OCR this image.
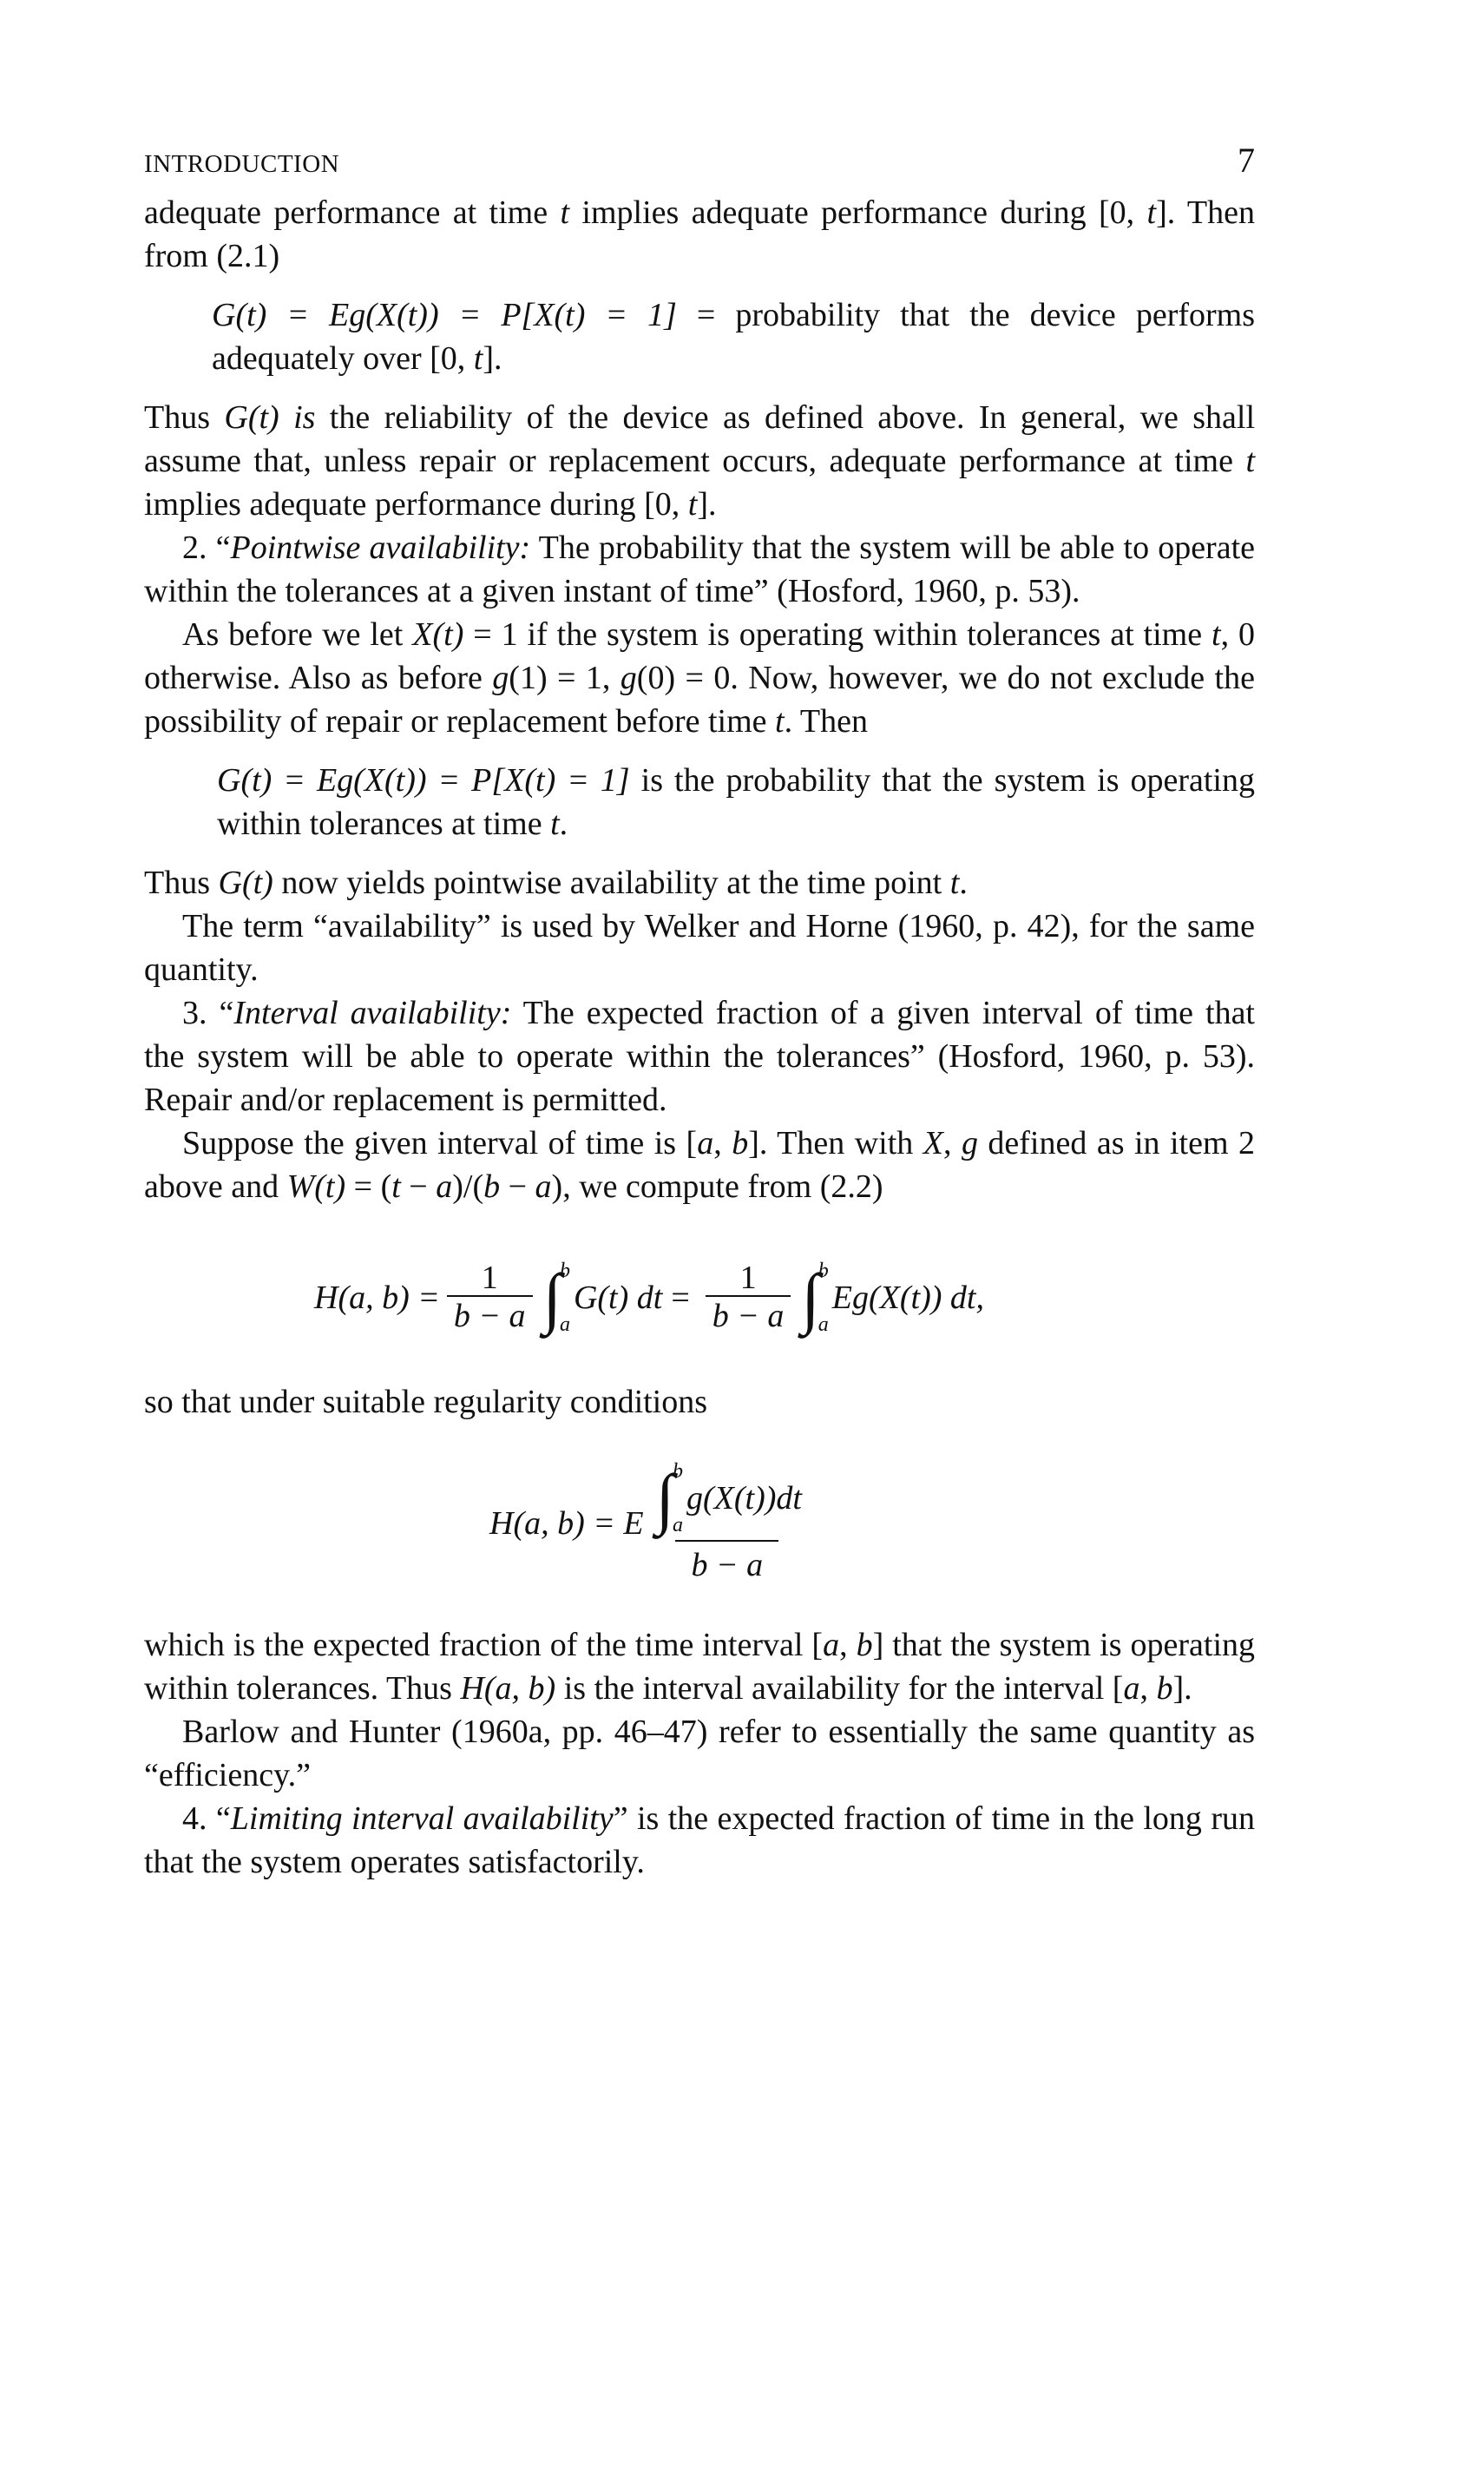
INTRODUCTION	7

adequate performance at time t implies adequate performance during [0, t]. Then from (2.1)

G(t) = Eg(X(t)) = P[X(t) = 1] = probability that the device performs adequately over [0, t].

Thus G(t) is the reliability of the device as defined above. In general, we shall assume that, unless repair or replacement occurs, adequate performance at time t implies adequate performance during [0, t].

2. “Pointwise availability: The probability that the system will be able to operate within the tolerances at a given instant of time” (Hosford, 1960, p. 53).

As before we let X(t) = 1 if the system is operating within tolerances at time t, 0 otherwise. Also as before g(1) = 1, g(0) = 0. Now, however, we do not exclude the possibility of repair or replacement before time t. Then

G(t) = Eg(X(t)) = P[X(t) = 1] is the probability that the system is operating within tolerances at time t.

Thus G(t) now yields pointwise availability at the time point t.

The term “availability” is used by Welker and Horne (1960, p. 42), for the same quantity.

3. “Interval availability: The expected fraction of a given interval of time that the system will be able to operate within the tolerances” (Hosford, 1960, p. 53). Repair and/or replacement is permitted.

Suppose the given interval of time is [a, b]. Then with X, g defined as in item 2 above and W(t) = (t − a)/(b − a), we compute from (2.2)

H(a, $b) = \frac{1}{b - a}$ ∫
b
a
G(t) dt = $\frac{1}{b - a}$ ∫
b
a
Eg(X(t)) dt,

so that under suitable regularity conditions

H(a, b) = E ∫
b
a
g(X(t))dt
b − a

which is the expected fraction of the time interval [a, b] that the system is operating within tolerances. Thus H(a, b) is the interval availability for the interval [a, b].

Barlow and Hunter (1960a, pp. 46–47) refer to essentially the same quantity as “efficiency.”

4. “Limiting interval availability” is the expected fraction of time in the long run that the system operates satisfactorily.
